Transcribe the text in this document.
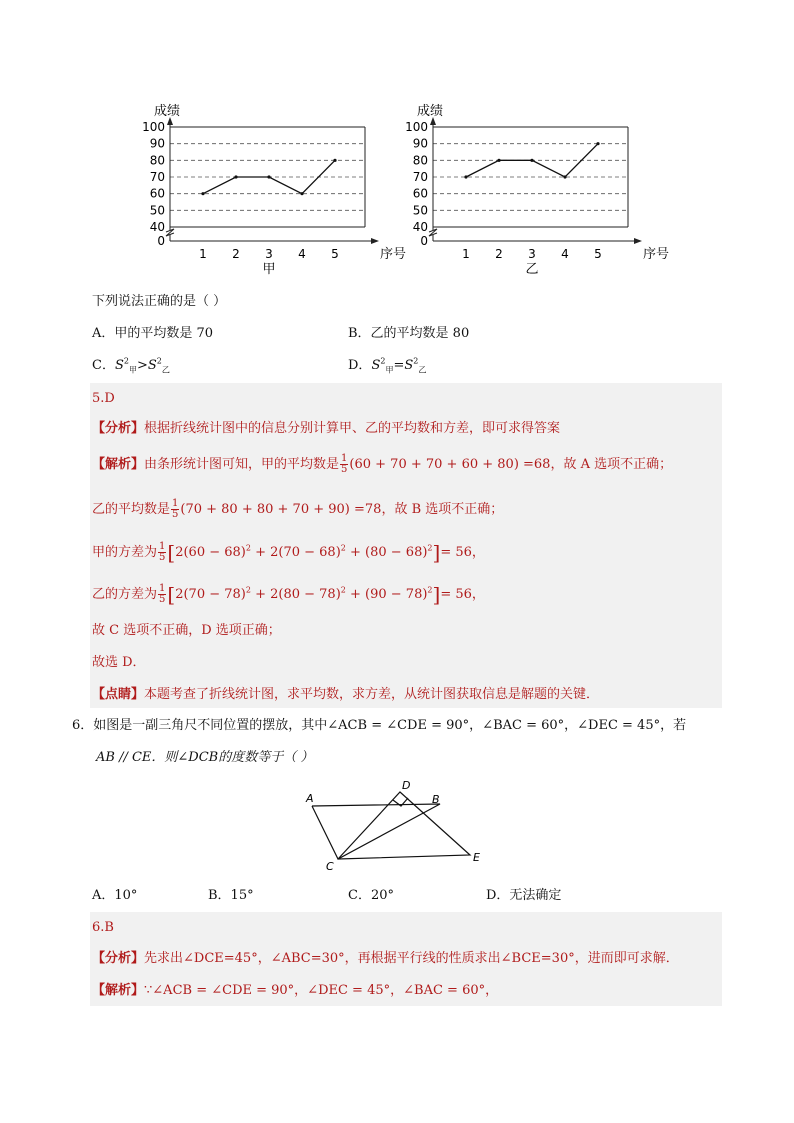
0
40
50
60
70
80
90
100
成绩
1 2 3 4 5	序号
甲
0
40
50
60
70
80
90
100
成绩
1 2 3 4 5	序号
乙
下列说法正确的是（ ）
A．甲的平均数是 70	B．乙的平均数是 80
C．$S^2_甲>S^2_乙$	D．$S^2_甲=S^2_乙$
5.D
【分析】根据折线统计图中的信息分别计算甲、乙的平均数和方差，即可求得答案
【解析】由条形统计图可知，甲的平均数是 $\frac{1}{5} (60 + 70 + 70 + 60 + 80) =68$，故 A 选项不正确；
乙的平均数是 $\frac{1}{5} (70 + 80 + 80 + 70 + 90) =78$，故 B 选项不正确；
甲的方差为 $\frac{1}{5} [2(60 - 68)^2 + 2(70 - 68)^2 + (80 - 68)^2]= 56$，
乙的方差为 $\frac{1}{5} [2(70 - 78)^2 + 2(80 - 78)^2 + (90 - 78)^2]= 56$，
故 C 选项不正确，D 选项正确；
故选 D．
【点睛】本题考查了折线统计图，求平均数，求方差，从统计图获取信息是解题的关键．
6．如图是一副三角尺不同位置的摆放，其中∠ACB = ∠CDE = 90°，∠BAC = 60°，∠DEC = 45°，若
AB // CE．则∠DCB的度数等于（ ）
A	B
C
D
E
A．10°	B．15°	C．20°	D．无法确定
6.B
【分析】先求出∠DCE=45°，∠ABC=30°，再根据平行线的性质求出∠BCE=30°，进而即可求解．
【解析】∵∠ACB = ∠CDE = 90°，∠DEC = 45°，∠BAC = 60°，
